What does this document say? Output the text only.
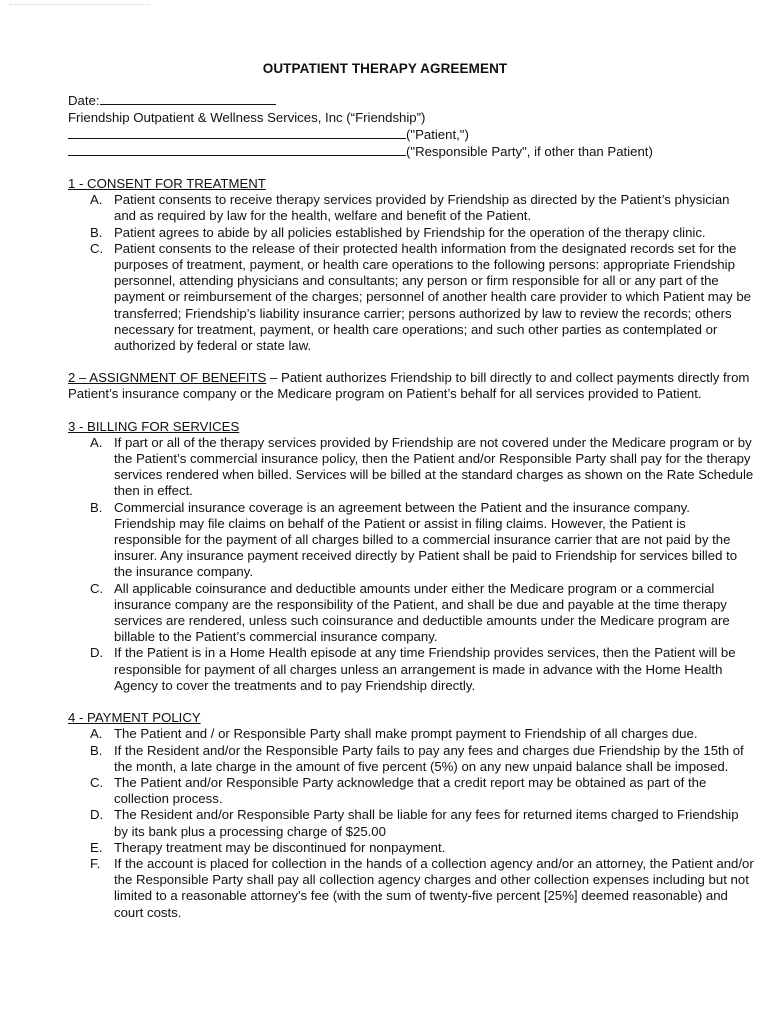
OUTPATIENT THERAPY AGREEMENT
Date:
Friendship Outpatient & Wellness Services, Inc (“Friendship”)
("Patient,")
("Responsible Party", if other than Patient)
1 - CONSENT FOR TREATMENT
A. Patient consents to receive therapy services provided by Friendship as directed by the Patient’s physician and as required by law for the health, welfare and benefit of the Patient.
B. Patient agrees to abide by all policies established by Friendship for the operation of the therapy clinic.
C. Patient consents to the release of their protected health information from the designated records set for the purposes of treatment, payment, or health care operations to the following persons: appropriate Friendship personnel, attending physicians and consultants; any person or firm responsible for all or any part of the payment or reimbursement of the charges; personnel of another health care provider to which Patient may be transferred; Friendship’s liability insurance carrier; persons authorized by law to review the records; others necessary for treatment, payment, or health care operations; and such other parties as contemplated or authorized by federal or state law.

2 – ASSIGNMENT OF BENEFITS – Patient authorizes Friendship to bill directly to and collect payments directly from Patient’s insurance company or the Medicare program on Patient’s behalf for all services provided to Patient.

3 - BILLING FOR SERVICES
A. If part or all of the therapy services provided by Friendship are not covered under the Medicare program or by the Patient’s commercial insurance policy, then the Patient and/or Responsible Party shall pay for the therapy services rendered when billed. Services will be billed at the standard charges as shown on the Rate Schedule then in effect.
B. Commercial insurance coverage is an agreement between the Patient and the insurance company. Friendship may file claims on behalf of the Patient or assist in filing claims. However, the Patient is responsible for the payment of all charges billed to a commercial insurance carrier that are not paid by the insurer. Any insurance payment received directly by Patient shall be paid to Friendship for services billed to the insurance company.
C. All applicable coinsurance and deductible amounts under either the Medicare program or a commercial insurance company are the responsibility of the Patient, and shall be due and payable at the time therapy services are rendered, unless such coinsurance and deductible amounts under the Medicare program are billable to the Patient’s commercial insurance company.
D. If the Patient is in a Home Health episode at any time Friendship provides services, then the Patient will be responsible for payment of all charges unless an arrangement is made in advance with the Home Health Agency to cover the treatments and to pay Friendship directly.
4 - PAYMENT POLICY
A. The Patient and / or Responsible Party shall make prompt payment to Friendship of all charges due.
B. If the Resident and/or the Responsible Party fails to pay any fees and charges due Friendship by the 15th of the month, a late charge in the amount of five percent (5%) on any new unpaid balance shall be imposed.
C. The Patient and/or Responsible Party acknowledge that a credit report may be obtained as part of the collection process.
D. The Resident and/or Responsible Party shall be liable for any fees for returned items charged to Friendship by its bank plus a processing charge of $25.00
E. Therapy treatment may be discontinued for nonpayment.
F. If the account is placed for collection in the hands of a collection agency and/or an attorney, the Patient and/or the Responsible Party shall pay all collection agency charges and other collection expenses including but not limited to a reasonable attorney's fee (with the sum of twenty-five percent [25%] deemed reasonable) and court costs.
